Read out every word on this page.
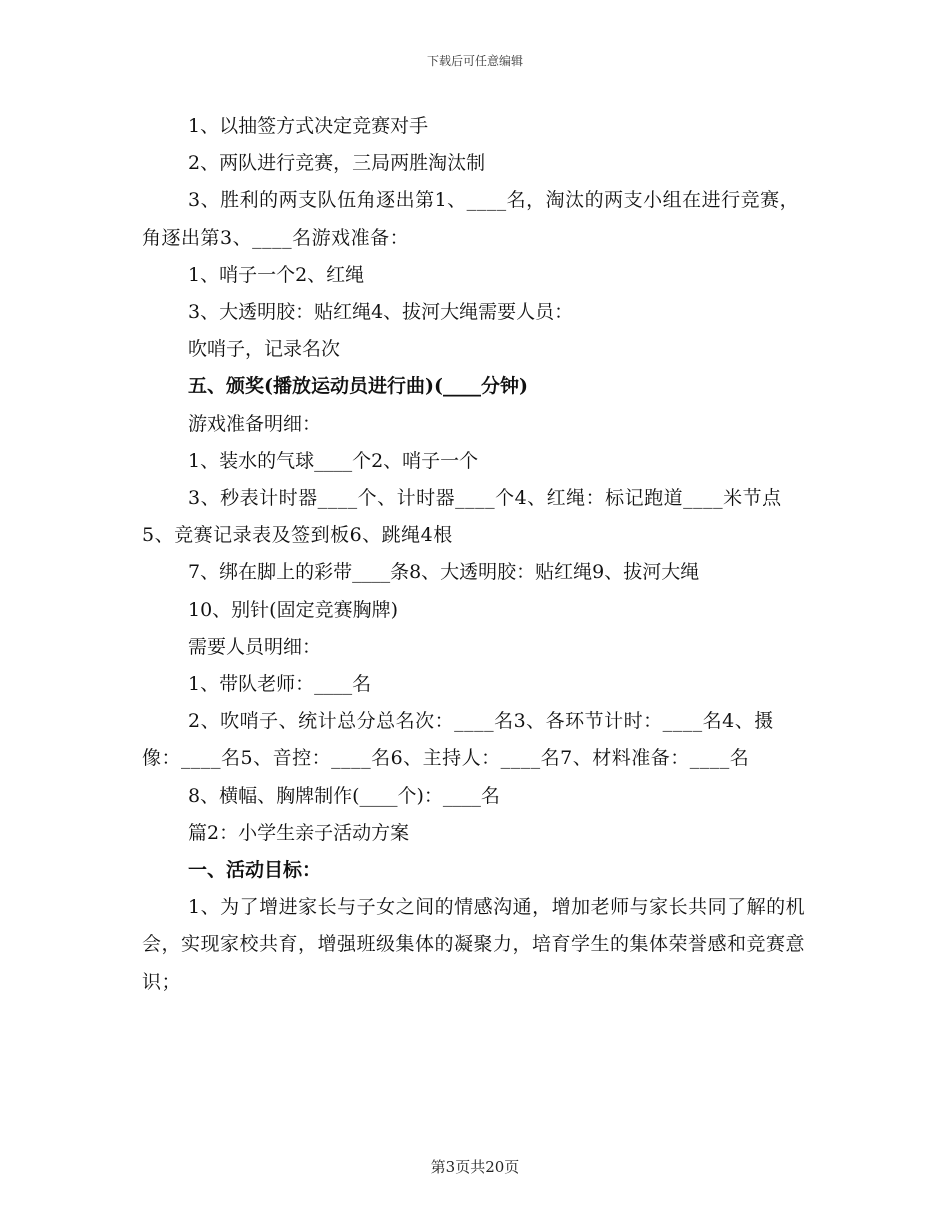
下载后可任意编辑

1、以抽签方式决定竞赛对手

2、两队进行竞赛，三局两胜淘汰制

3、胜利的两支队伍角逐出第1、____名，淘汰的两支小组在进行竞赛，角逐出第3、____名游戏准备：

1、哨子一个2、红绳

3、大透明胶：贴红绳4、拔河大绳需要人员：

吹哨子，记录名次

五、颁奖(播放运动员进行曲)(____分钟)

游戏准备明细：

1、装水的气球____个2、哨子一个

3、秒表计时器____个、计时器____个4、红绳：标记跑道____米节点5、竞赛记录表及签到板6、跳绳4根

7、绑在脚上的彩带____条8、大透明胶：贴红绳9、拔河大绳

10、别针(固定竞赛胸牌)

需要人员明细：

1、带队老师：____名

2、吹哨子、统计总分总名次：____名3、各环节计时：____名4、摄像：____名5、音控：____名6、主持人：____名7、材料准备：____名

8、横幅、胸牌制作(____个)：____名

篇2：小学生亲子活动方案

一、活动目标：

1、为了增进家长与子女之间的情感沟通，增加老师与家长共同了解的机会，实现家校共育，增强班级集体的凝聚力，培育学生的集体荣誉感和竞赛意识；

第3页共20页
